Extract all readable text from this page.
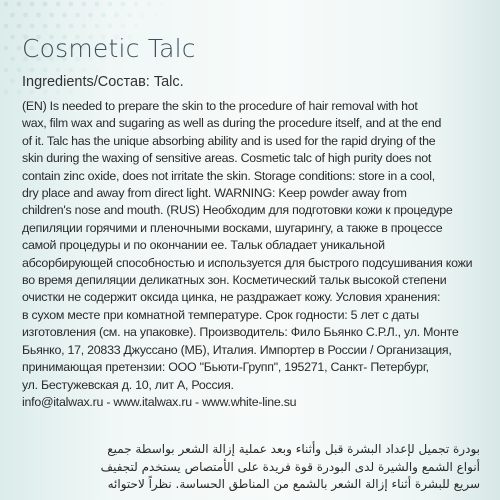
Cosmetic Talc
Ingredients/Состав: Talc.
(EN) Is needed to prepare the skin to the procedure of hair removal with hot
wax, film wax and sugaring as well as during the procedure itself, and at the end
of it. Talc has the unique absorbing ability and is used for the rapid drying of the
skin during the waxing of sensitive areas. Cosmetic talc of high purity does not
contain zinc oxide, does not irritate the skin. Storage conditions: store in a cool,
dry place and away from direct light. WARNING: Keep powder away from
children's nose and mouth. (RUS) Необходим для подготовки кожи к процедуре
депиляции горячими и пленочными восками, шугарингу, а также в процессе
самой процедуры и по окончании ее. Тальк обладает уникальной
абсорбирующей способностью и используется для быстрого подсушивания кожи
во время депиляции деликатных зон. Косметический тальк высокой степени
очистки не содержит оксида цинка, не раздражает кожу. Условия хранения:
в сухом месте при комнатной температуре. Срок годности: 5 лет с даты
изготовления (см. на упаковке). Производитель: Фило Бьянко С.Р.Л., ул. Монте
Бьянко, 17, 20833 Джуссано (МБ), Италия. Импортер в России / Организация,
принимающая претензии: ООО "Бьюти-Групп", 195271, Санкт- Петербург,
ул. Бестужевская д. 10, лит А, Россия.
info@italwax.ru - www.italwax.ru - www.white-line.su
بودرة تجميل لإعداد البشرة قبل وأثناء وبعد عملية إزالة الشعر بواسطة جميع
أنواع الشمع والشيرة لدى البودرة قوة فريدة على الأمتصاص يستخدم لتجفيف
سريع للبشرة أثناء إزالة الشعر بالشمع من المناطق الحساسة. نظراً لاحتوائه
